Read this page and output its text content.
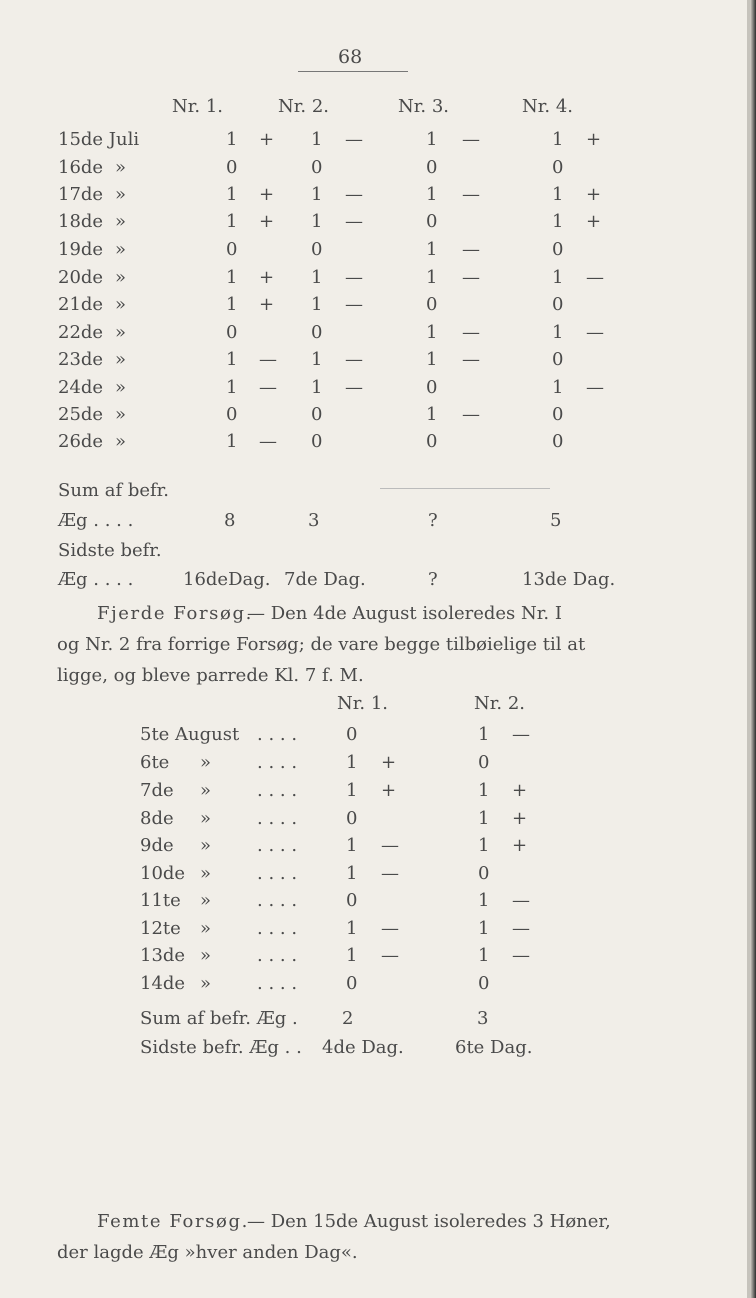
68
Nr. 1.	Nr. 2.	Nr. 3.	Nr. 4.
15de Juli	1 + 1 —	1 —	1 +
16de »	0	0	0	0
17de »	1 + 1 —	1 —	1 +
18de »	1 + 1 —	0	1 +
19de »	0	0	1 —	0
20de »	1 + 1 —	1 —	1 —
21de »	1 + 1 —	0	0
22de »	0	0	1 —	1 —
23de »	1 — 1 —	1 —	0
24de »	1 — 1 —	0	1 —
25de »	0	0	1 —	0
26de »	1 — 0	0	0
Sum af befr.
Æg . . . .	8	3	?	5
Sidste befr.
Æg . . . .	16deDag. 7de Dag.	?	13de Dag.
Fjerde Forsøg.
— Den 4de August isoleredes Nr. I
og Nr. 2 fra forrige Forsøg; de vare begge tilbøielige til at
ligge, og bleve parrede Kl. 7 f. M.
Nr. 1.	Nr. 2.
5te August . . . .	0	1 —
6te »	. . . .	1 +	0
7de »	. . . .	1 +	1 +
8de »	. . . .	0	1 +
9de »	. . . .	1 —	1 +
10de »	. . . .	1 —	0
11te »	. . . .	0	1 —
12te »	. . . .	1 —	1 —
13de »	. . . .	1 —	1 —
14de »	. . . .	0	0
Sum af befr. Æg . 2	3
Sidste befr. Æg . . 4de Dag.	6te Dag.
Femte Forsøg.
— Den 15de August isoleredes 3 Høner,
der lagde Æg »hver anden Dag«.
